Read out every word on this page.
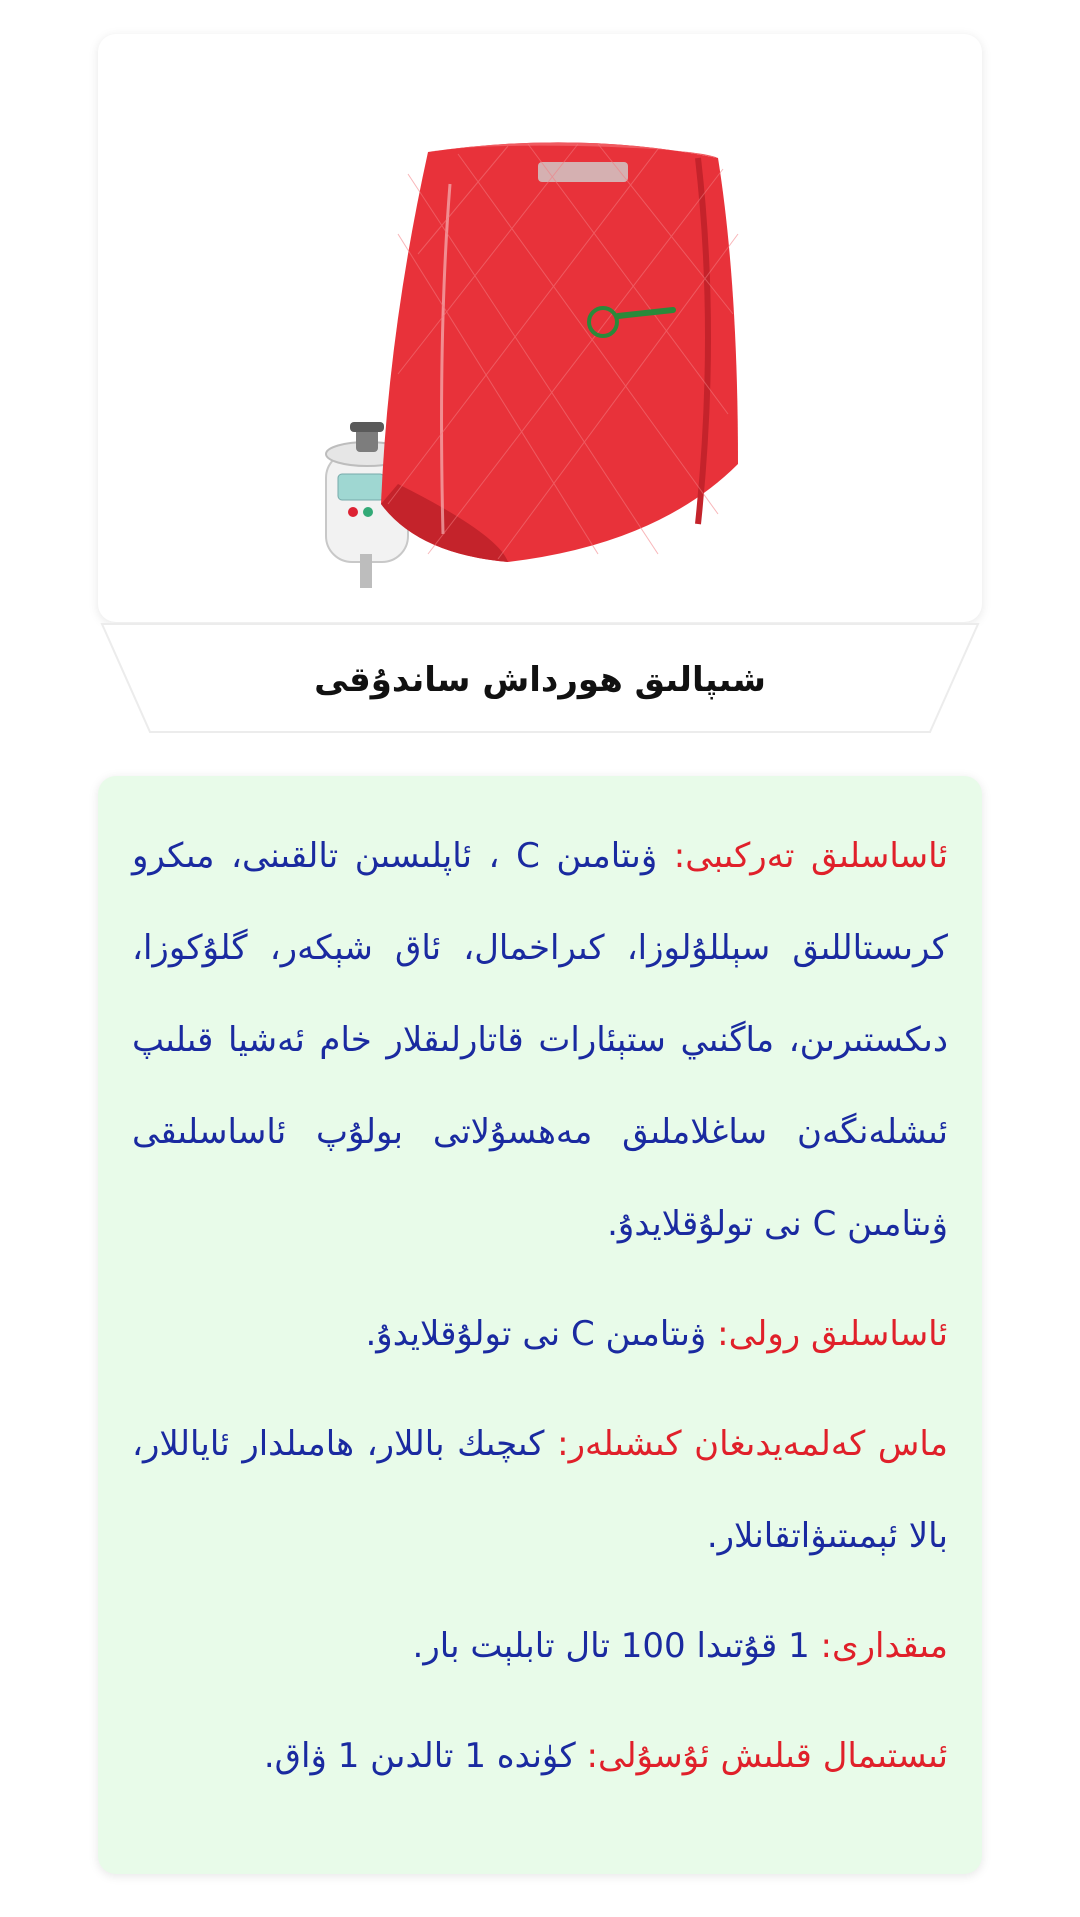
شىپالىق ھورداش ساندۇقى

ئاساسلىق تەركىبى: ۋىتامىن C ، ئاپلىسىن تالقىنى، مىكرو كرىستاللىق سېللۇلوزا، كىراخمال، ئاق شېكەر، گلۇكوزا، دىكستىرىن، ماگنىي ستېئارات قاتارلىقلار خام ئەشيا قىلىپ ئىشلەنگەن ساغلاملىق مەھسۇلاتى بولۇپ ئاساسلىقى ۋىتامىن C نى تولۇقلايدۇ.

ئاساسلىق رولى: ۋىتامىن C نى تولۇقلايدۇ.

ماس كەلمەيدىغان كىشىلەر: كىچىك باللار، ھامىلدار ئاياللار، بالا ئېمىتىۋاتقانلار.

مىقدارى: 1 قۇتىدا 100 تال تابلېت بار.

ئىستىمال قىلىش ئۇسۇلى: كۈندە 1 تالدىن 1 ۋاق.
